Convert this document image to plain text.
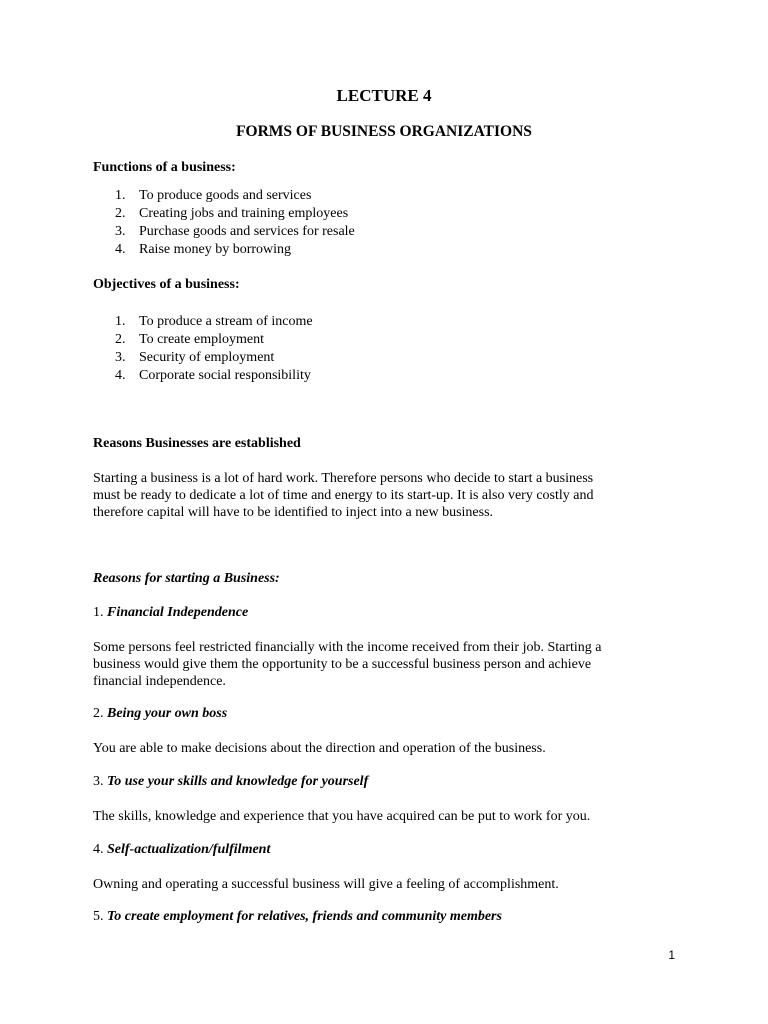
LECTURE 4
FORMS OF BUSINESS ORGANIZATIONS
Functions of a business:
1. To produce goods and services
2. Creating jobs and training employees
3. Purchase goods and services for resale
4. Raise money by borrowing
Objectives of a business:
1. To produce a stream of income
2. To create employment
3. Security of employment
4. Corporate social responsibility
Reasons Businesses are established

Starting a business is a lot of hard work. Therefore persons who decide to start a business
must be ready to dedicate a lot of time and energy to its start-up. It is also very costly and
therefore capital will have to be identified to inject into a new business.

Reasons for starting a Business:
1. Financial Independence

Some persons feel restricted financially with the income received from their job. Starting a
business would give them the opportunity to be a successful business person and achieve
financial independence.

2. Being your own boss

You are able to make decisions about the direction and operation of the business.

3. To use your skills and knowledge for yourself

The skills, knowledge and experience that you have acquired can be put to work for you.

4. Self-actualization/fulfilment

Owning and operating a successful business will give a feeling of accomplishment.

5. To create employment for relatives, friends and community members
1
